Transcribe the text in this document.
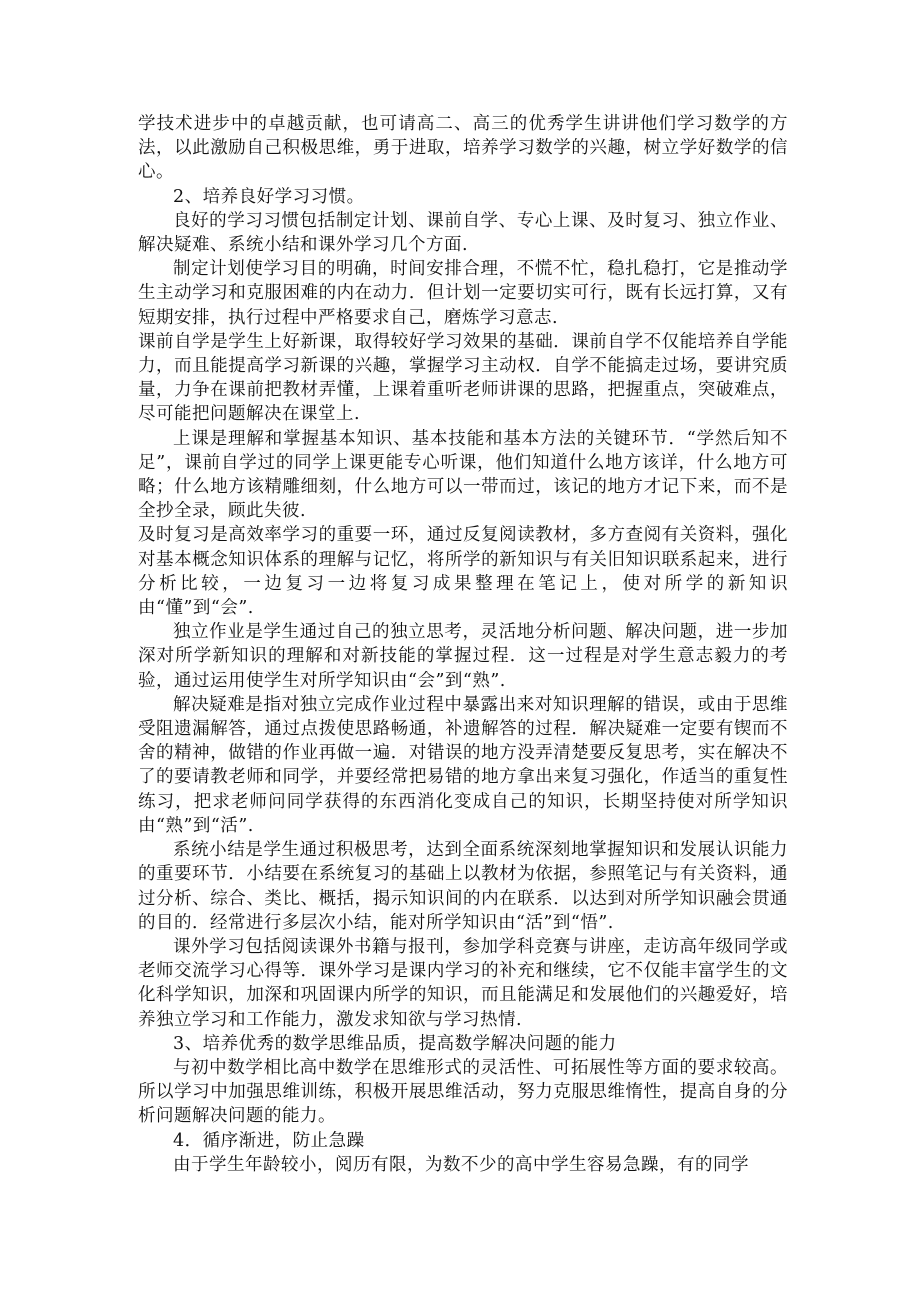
学技术进步中的卓越贡献，也可请高二、高三的优秀学生讲讲他们学习数学的方法，以此激励自己积极思维，勇于进取，培养学习数学的兴趣，树立学好数学的信心。

2、培养良好学习习惯。

良好的学习习惯包括制定计划、课前自学、专心上课、及时复习、独立作业、解决疑难、系统小结和课外学习几个方面.

制定计划使学习目的明确，时间安排合理，不慌不忙，稳扎稳打，它是推动学生主动学习和克服困难的内在动力．但计划一定要切实可行，既有长远打算，又有短期安排，执行过程中严格要求自己，磨炼学习意志.

课前自学是学生上好新课，取得较好学习效果的基础．课前自学不仅能培养自学能力，而且能提高学习新课的兴趣，掌握学习主动权．自学不能搞走过场，要讲究质量，力争在课前把教材弄懂，上课着重听老师讲课的思路，把握重点，突破难点，尽可能把问题解决在课堂上.

上课是理解和掌握基本知识、基本技能和基本方法的关键环节．“学然后知不足”，课前自学过的同学上课更能专心听课，他们知道什么地方该详，什么地方可略；什么地方该精雕细刻，什么地方可以一带而过，该记的地方才记下来，而不是全抄全录，顾此失彼.

及时复习是高效率学习的重要一环，通过反复阅读教材，多方查阅有关资料，强化对基本概念知识体系的理解与记忆，将所学的新知识与有关旧知识联系起来，进行分析比较，一边复习一边将复习成果整理在笔记上，使对所学的新知识由“懂”到“会”.

独立作业是学生通过自己的独立思考，灵活地分析问题、解决问题，进一步加深对所学新知识的理解和对新技能的掌握过程．这一过程是对学生意志毅力的考验，通过运用使学生对所学知识由“会”到“熟”.

解决疑难是指对独立完成作业过程中暴露出来对知识理解的错误，或由于思维受阻遗漏解答，通过点拨使思路畅通，补遗解答的过程．解决疑难一定要有锲而不舍的精神，做错的作业再做一遍．对错误的地方没弄清楚要反复思考，实在解决不了的要请教老师和同学，并要经常把易错的地方拿出来复习强化，作适当的重复性练习，把求老师问同学获得的东西消化变成自己的知识，长期坚持使对所学知识由“熟”到“活”.

系统小结是学生通过积极思考，达到全面系统深刻地掌握知识和发展认识能力的重要环节．小结要在系统复习的基础上以教材为依据，参照笔记与有关资料，通过分析、综合、类比、概括，揭示知识间的内在联系．以达到对所学知识融会贯通的目的．经常进行多层次小结，能对所学知识由“活”到“悟”.

课外学习包括阅读课外书籍与报刊，参加学科竞赛与讲座，走访高年级同学或老师交流学习心得等．课外学习是课内学习的补充和继续，它不仅能丰富学生的文化科学知识，加深和巩固课内所学的知识，而且能满足和发展他们的兴趣爱好，培养独立学习和工作能力，激发求知欲与学习热情.

3、培养优秀的数学思维品质，提高数学解决问题的能力

与初中数学相比高中数学在思维形式的灵活性、可拓展性等方面的要求较高。所以学习中加强思维训练，积极开展思维活动，努力克服思维惰性，提高自身的分析问题解决问题的能力。

4．循序渐进，防止急躁

由于学生年龄较小，阅历有限，为数不少的高中学生容易急躁，有的同学
